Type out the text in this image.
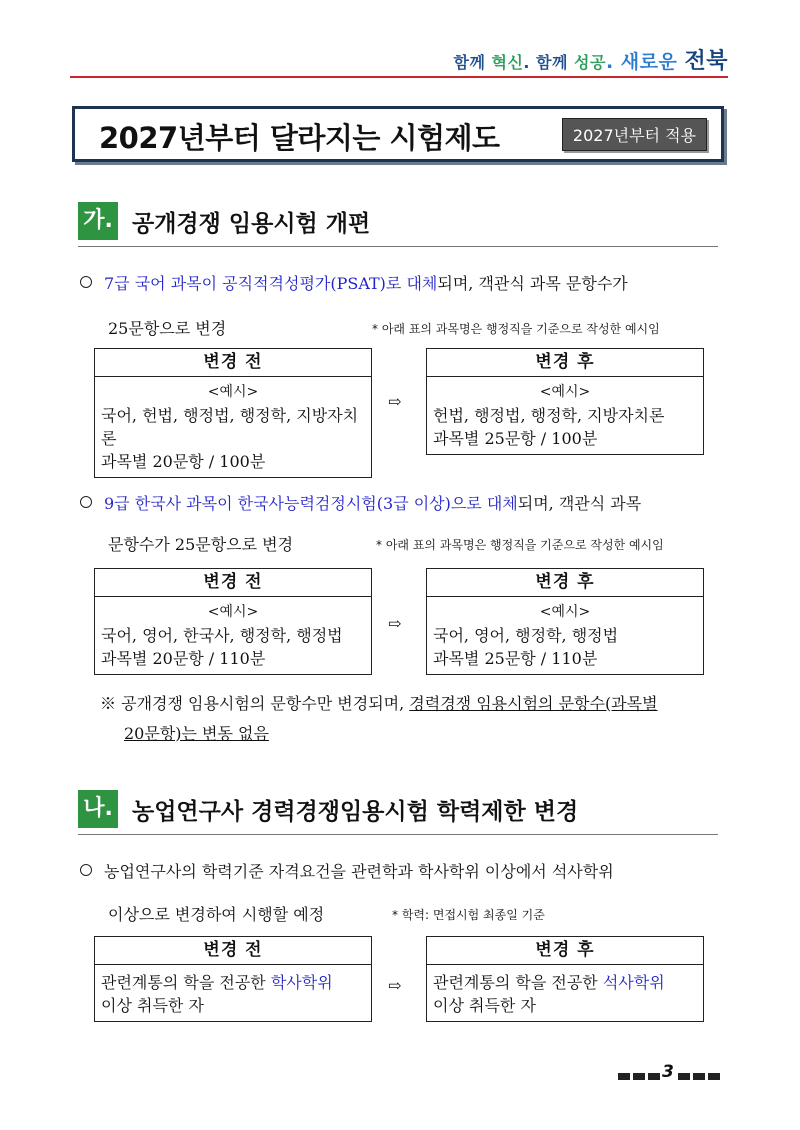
함께 혁신. 함께 성공. 새로운 전북
2027년부터 달라지는 시험제도	2027년부터 적용
가. 공개경쟁 임용시험 개편
7급 국어 과목이 공직적격성평가(PSAT)로 대체되며, 객관식 과목 문항수가
25문항으로 변경	* 아래 표의 과목명은 행정직을 기준으로 작성한 예시임
변경 전
<예시>
국어, 헌법, 행정법, 행정학, 지방자치론
과목별 20문항 / 100분
⇨
변경 후
<예시>
헌법, 행정법, 행정학, 지방자치론
과목별 25문항 / 100분
9급 한국사 과목이 한국사능력검정시험(3급 이상)으로 대체되며, 객관식 과목
문항수가 25문항으로 변경	* 아래 표의 과목명은 행정직을 기준으로 작성한 예시임
변경 전
<예시>
국어, 영어, 한국사, 행정학, 행정법
과목별 20문항 / 110분
⇨
변경 후
<예시>
국어, 영어, 행정학, 행정법
과목별 25문항 / 110분
※ 공개경쟁 임용시험의 문항수만 변경되며, 경력경쟁 임용시험의 문항수(과목별
20문항)는 변동 없음
나. 농업연구사 경력경쟁임용시험 학력제한 변경
농업연구사의 학력기준 자격요건을 관련학과 학사학위 이상에서 석사학위
이상으로 변경하여 시행할 예정	* 학력: 면접시험 최종일 기준
변경 전
관련계통의 학을 전공한 학사학위
이상 취득한 자
⇨
변경 후
관련계통의 학을 전공한 석사학위
이상 취득한 자
3
